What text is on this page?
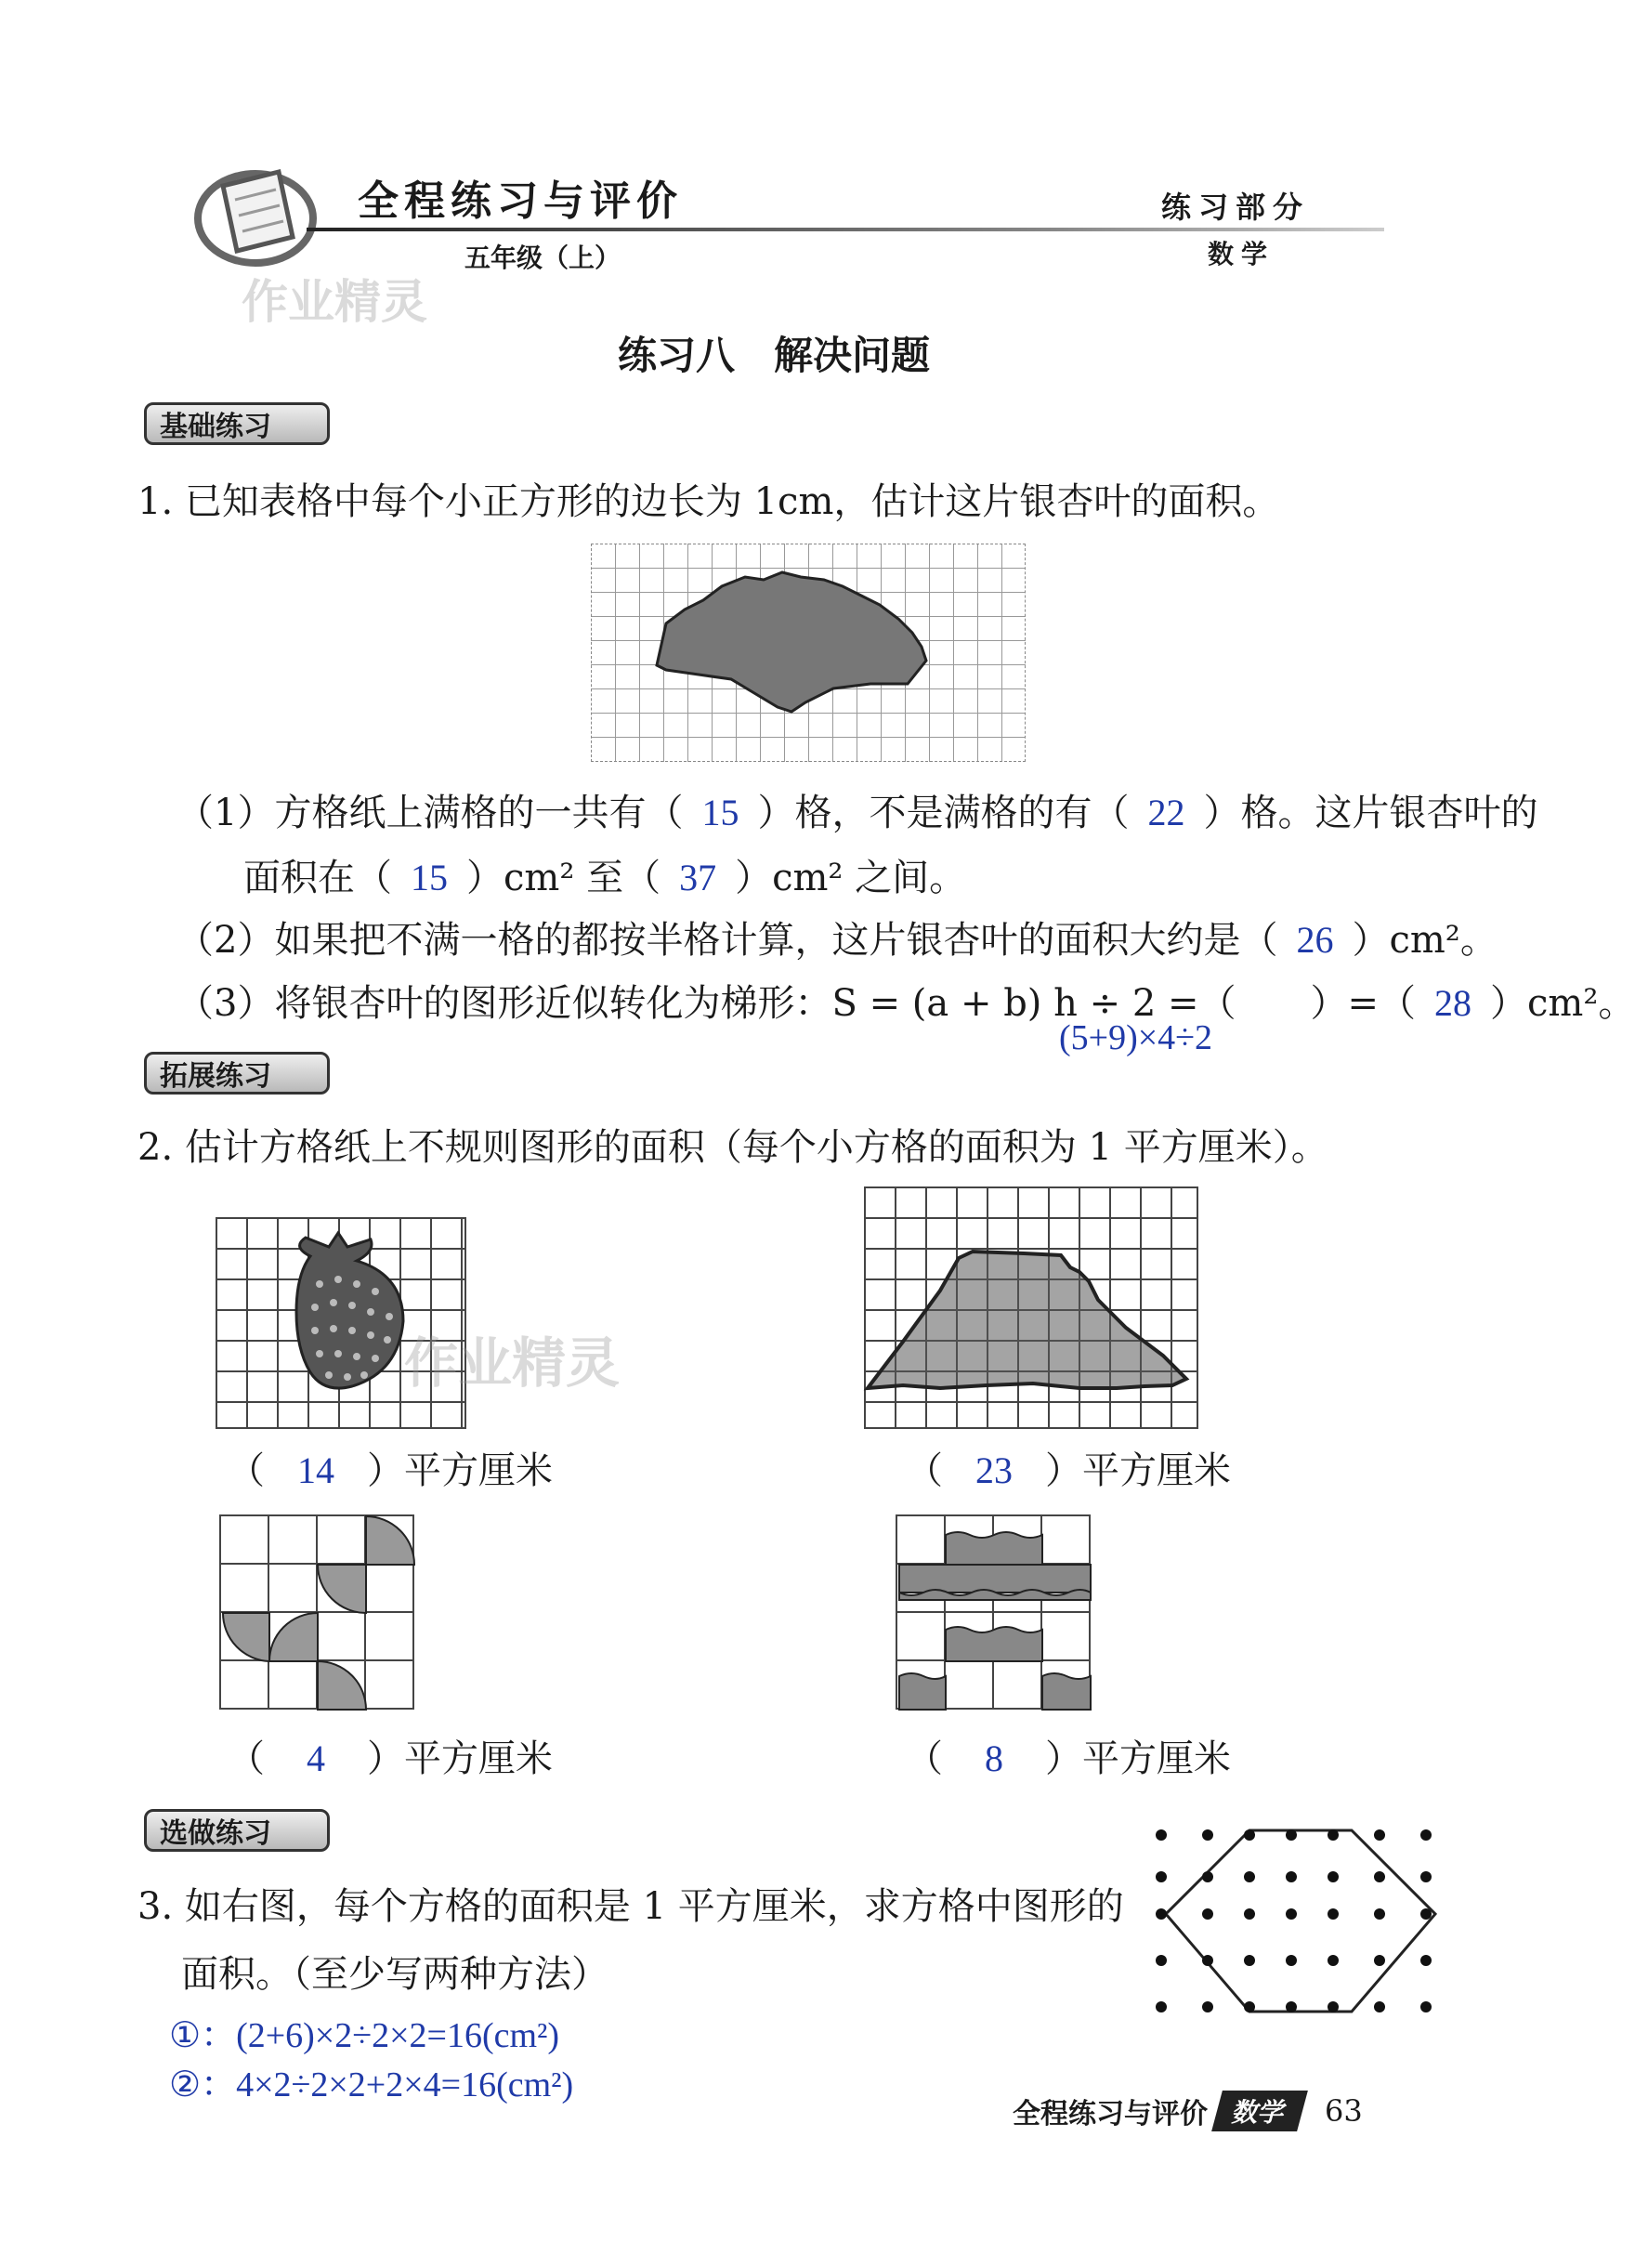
全程练习与评价
五年级（上）
练习部分
数学
作业精灵
练习八　解决问题
基础练习
1. 已知表格中每个小正方形的边长为 1cm，估计这片银杏叶的面积。
（1）方格纸上满格的一共有（ 15 ）格，不是满格的有（ 22 ）格。这片银杏叶的
面积在（ 15 ）cm² 至（ 37 ）cm² 之间。
（2）如果把不满一格的都按半格计算，这片银杏叶的面积大约是（ 26 ）cm²。
（3）将银杏叶的图形近似转化为梯形：S = (a + b) h ÷ 2 =（ ）=（ 28 ）cm²。
(5+9)×4÷2
拓展练习
2. 估计方格纸上不规则图形的面积（每个小方格的面积为 1 平方厘米）。
作业精灵
（ 14 ）平方厘米	（ 23 ）平方厘米
（ 4 ）平方厘米	（ 8 ）平方厘米
选做练习
3. 如右图，每个方格的面积是 1 平方厘米，求方格中图形的
面积。（至少写两种方法）
①：(2+6)×2÷2×2=16(cm²)
②：4×2÷2×2+2×4=16(cm²)
全程练习与评价 数学	63
